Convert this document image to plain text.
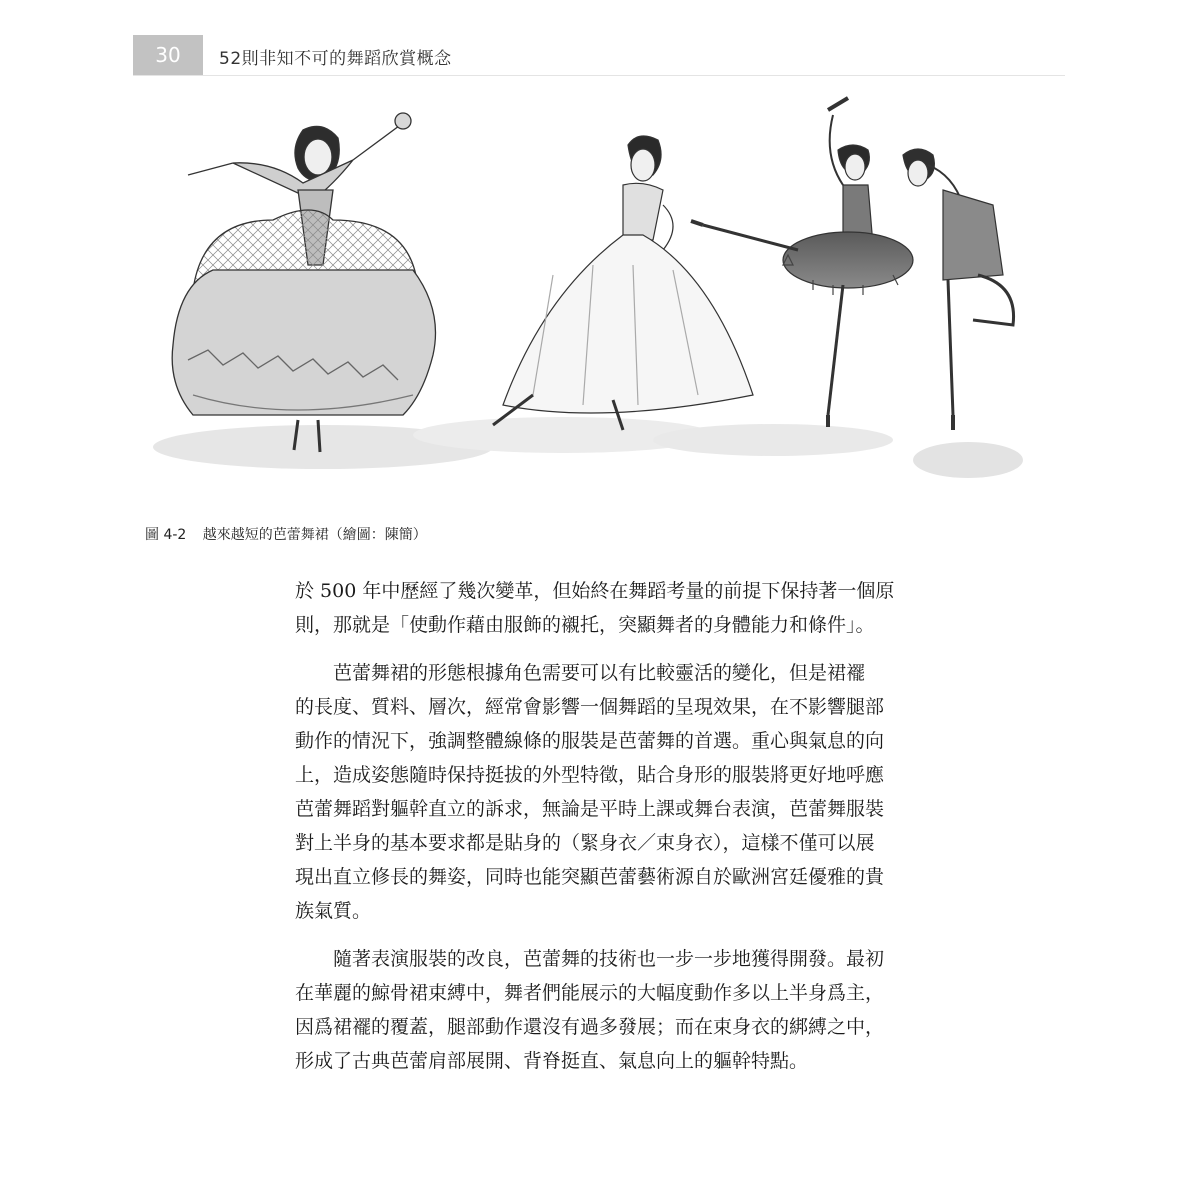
30 52則非知不可的舞蹈欣賞概念
圖 4-2 越來越短的芭蕾舞裙（繪圖：陳簡）
於 500 年中歷經了幾次變革，但始終在舞蹈考量的前提下保持著一個原
則，那就是「使動作藉由服飾的襯托，突顯舞者的身體能力和條件」。
芭蕾舞裙的形態根據角色需要可以有比較靈活的變化，但是裙襬
的長度、質料、層次，經常會影響一個舞蹈的呈現效果，在不影響腿部
動作的情況下，強調整體線條的服裝是芭蕾舞的首選。重心與氣息的向
上，造成姿態隨時保持挺拔的外型特徵，貼合身形的服裝將更好地呼應
芭蕾舞蹈對軀幹直立的訴求，無論是平時上課或舞台表演，芭蕾舞服裝
對上半身的基本要求都是貼身的（緊身衣／束身衣），這樣不僅可以展
現出直立修長的舞姿，同時也能突顯芭蕾藝術源自於歐洲宮廷優雅的貴
族氣質。
隨著表演服裝的改良，芭蕾舞的技術也一步一步地獲得開發。最初
在華麗的鯨骨裙束縛中，舞者們能展示的大幅度動作多以上半身爲主，
因爲裙襬的覆蓋，腿部動作還沒有過多發展；而在束身衣的綁縛之中，
形成了古典芭蕾肩部展開、背脊挺直、氣息向上的軀幹特點。
